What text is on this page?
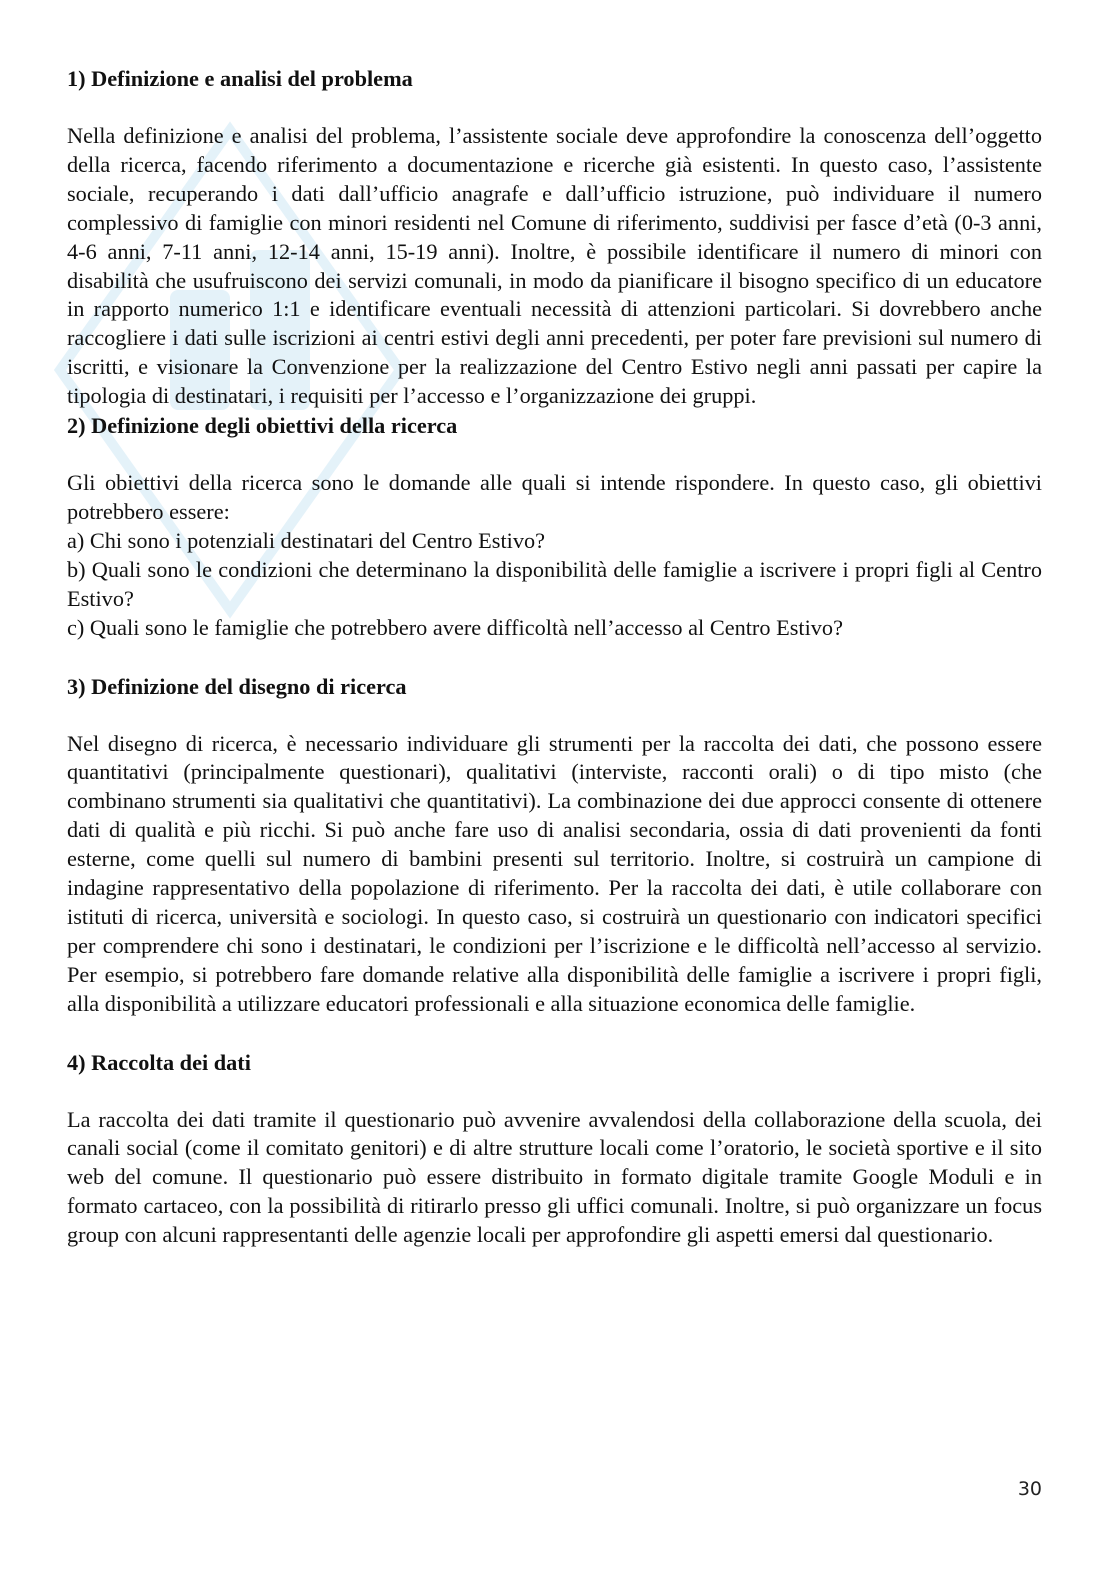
1) Definizione e analisi del problema

Nella definizione e analisi del problema, l’assistente sociale deve approfondire la conoscenza dell’oggetto della ricerca, facendo riferimento a documentazione e ricerche già esistenti. In questo caso, l’assistente sociale, recuperando i dati dall’ufficio anagrafe e dall’ufficio istruzione, può individuare il numero complessivo di famiglie con minori residenti nel Comune di riferimento, suddivisi per fasce d’età (0-3 anni, 4-6 anni, 7-11 anni, 12-14 anni, 15-19 anni). Inoltre, è possibile identificare il numero di minori con disabilità che usufruiscono dei servizi comunali, in modo da pianificare il bisogno specifico di un educatore in rapporto numerico 1:1 e identificare eventuali necessità di attenzioni particolari. Si dovrebbero anche raccogliere i dati sulle iscrizioni ai centri estivi degli anni precedenti, per poter fare previsioni sul numero di iscritti, e visionare la Convenzione per la realizzazione del Centro Estivo negli anni passati per capire la tipologia di destinatari, i requisiti per l’accesso e l’organizzazione dei gruppi.

2) Definizione degli obiettivi della ricerca

Gli obiettivi della ricerca sono le domande alle quali si intende rispondere. In questo caso, gli obiettivi potrebbero essere:

a) Chi sono i potenziali destinatari del Centro Estivo?

b) Quali sono le condizioni che determinano la disponibilità delle famiglie a iscrivere i propri figli al Centro Estivo?

c) Quali sono le famiglie che potrebbero avere difficoltà nell’accesso al Centro Estivo?

3) Definizione del disegno di ricerca

Nel disegno di ricerca, è necessario individuare gli strumenti per la raccolta dei dati, che possono essere quantitativi (principalmente questionari), qualitativi (interviste, racconti orali) o di tipo misto (che combinano strumenti sia qualitativi che quantitativi). La combinazione dei due approcci consente di ottenere dati di qualità e più ricchi. Si può anche fare uso di analisi secondaria, ossia di dati provenienti da fonti esterne, come quelli sul numero di bambini presenti sul territorio. Inoltre, si costruirà un campione di indagine rappresentativo della popolazione di riferimento. Per la raccolta dei dati, è utile collaborare con istituti di ricerca, università e sociologi. In questo caso, si costruirà un questionario con indicatori specifici per comprendere chi sono i destinatari, le condizioni per l’iscrizione e le difficoltà nell’accesso al servizio. Per esempio, si potrebbero fare domande relative alla disponibilità delle famiglie a iscrivere i propri figli, alla disponibilità a utilizzare educatori professionali e alla situazione economica delle famiglie.

4) Raccolta dei dati

La raccolta dei dati tramite il questionario può avvenire avvalendosi della collaborazione della scuola, dei canali social (come il comitato genitori) e di altre strutture locali come l’oratorio, le società sportive e il sito web del comune. Il questionario può essere distribuito in formato digitale tramite Google Moduli e in formato cartaceo, con la possibilità di ritirarlo presso gli uffici comunali. Inoltre, si può organizzare un focus group con alcuni rappresentanti delle agenzie locali per approfondire gli aspetti emersi dal questionario.

30
